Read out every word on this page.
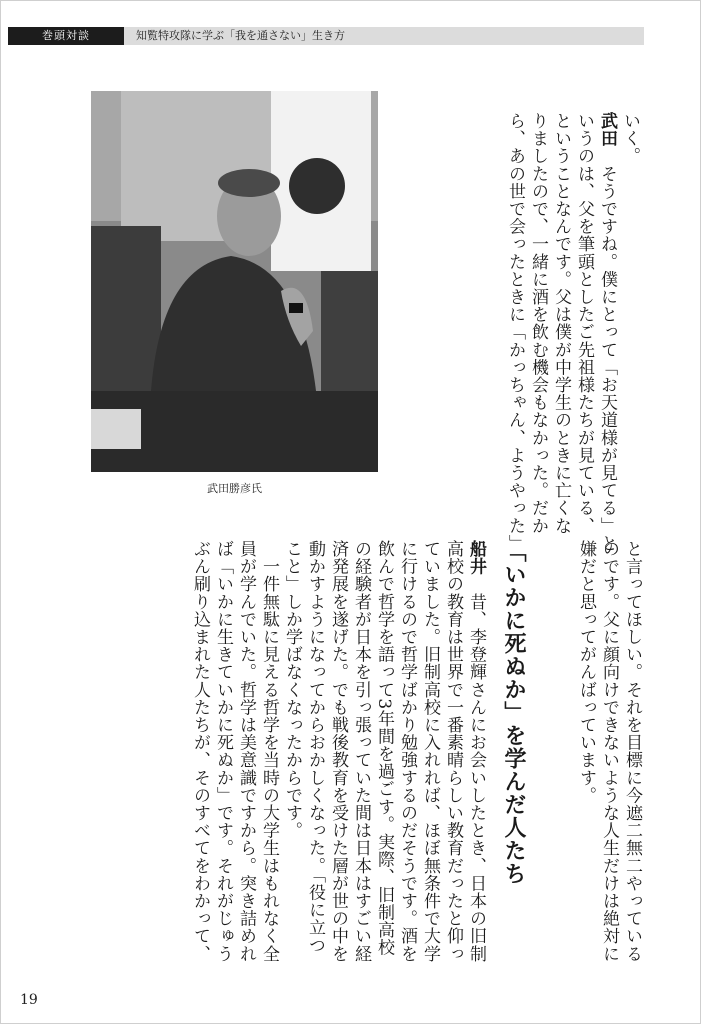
巻頭対談	知覧特攻隊に学ぶ「我を通さない」生き方
武田勝彦氏
いく。
武田　そうですね。僕にとって「お天道様が見てる」と
いうのは、父を筆頭としたご先祖様たちが見ている、
ということなんです。父は僕が中学生のときに亡くな
りましたので、一緒に酒を飲む機会もなかった。だか
ら、あの世で会ったときに「かっちゃん、ようやった」
と言ってほしい。それを目標に今遮二無二やっている
のです。父に顔向けできないような人生だけは絶対に
嫌だと思ってがんばっています。
「いかに死ぬか」を学んだ人たち
船井　昔、李登輝さんにお会いしたとき、日本の旧制
高校の教育は世界で一番素晴らしい教育だったと仰っ
ていました。旧制高校に入れれば、ほぼ無条件で大学
に行けるので哲学ばかり勉強するのだそうです。酒を
飲んで哲学を語って3年間を過ごす。実際、旧制高校
の経験者が日本を引っ張っていた間は日本はすごい経
済発展を遂げた。でも戦後教育を受けた層が世の中を
動かすようになってからおかしくなった。「役に立つ
こと」しか学ばなくなったからです。
　一件無駄に見える哲学を当時の大学生はもれなく全
員が学んでいた。哲学は美意識ですから。突き詰めれ
ば「いかに生きていかに死ぬか」です。それがじゅう
ぶん刷り込まれた人たちが、そのすべてをわかって、
19
